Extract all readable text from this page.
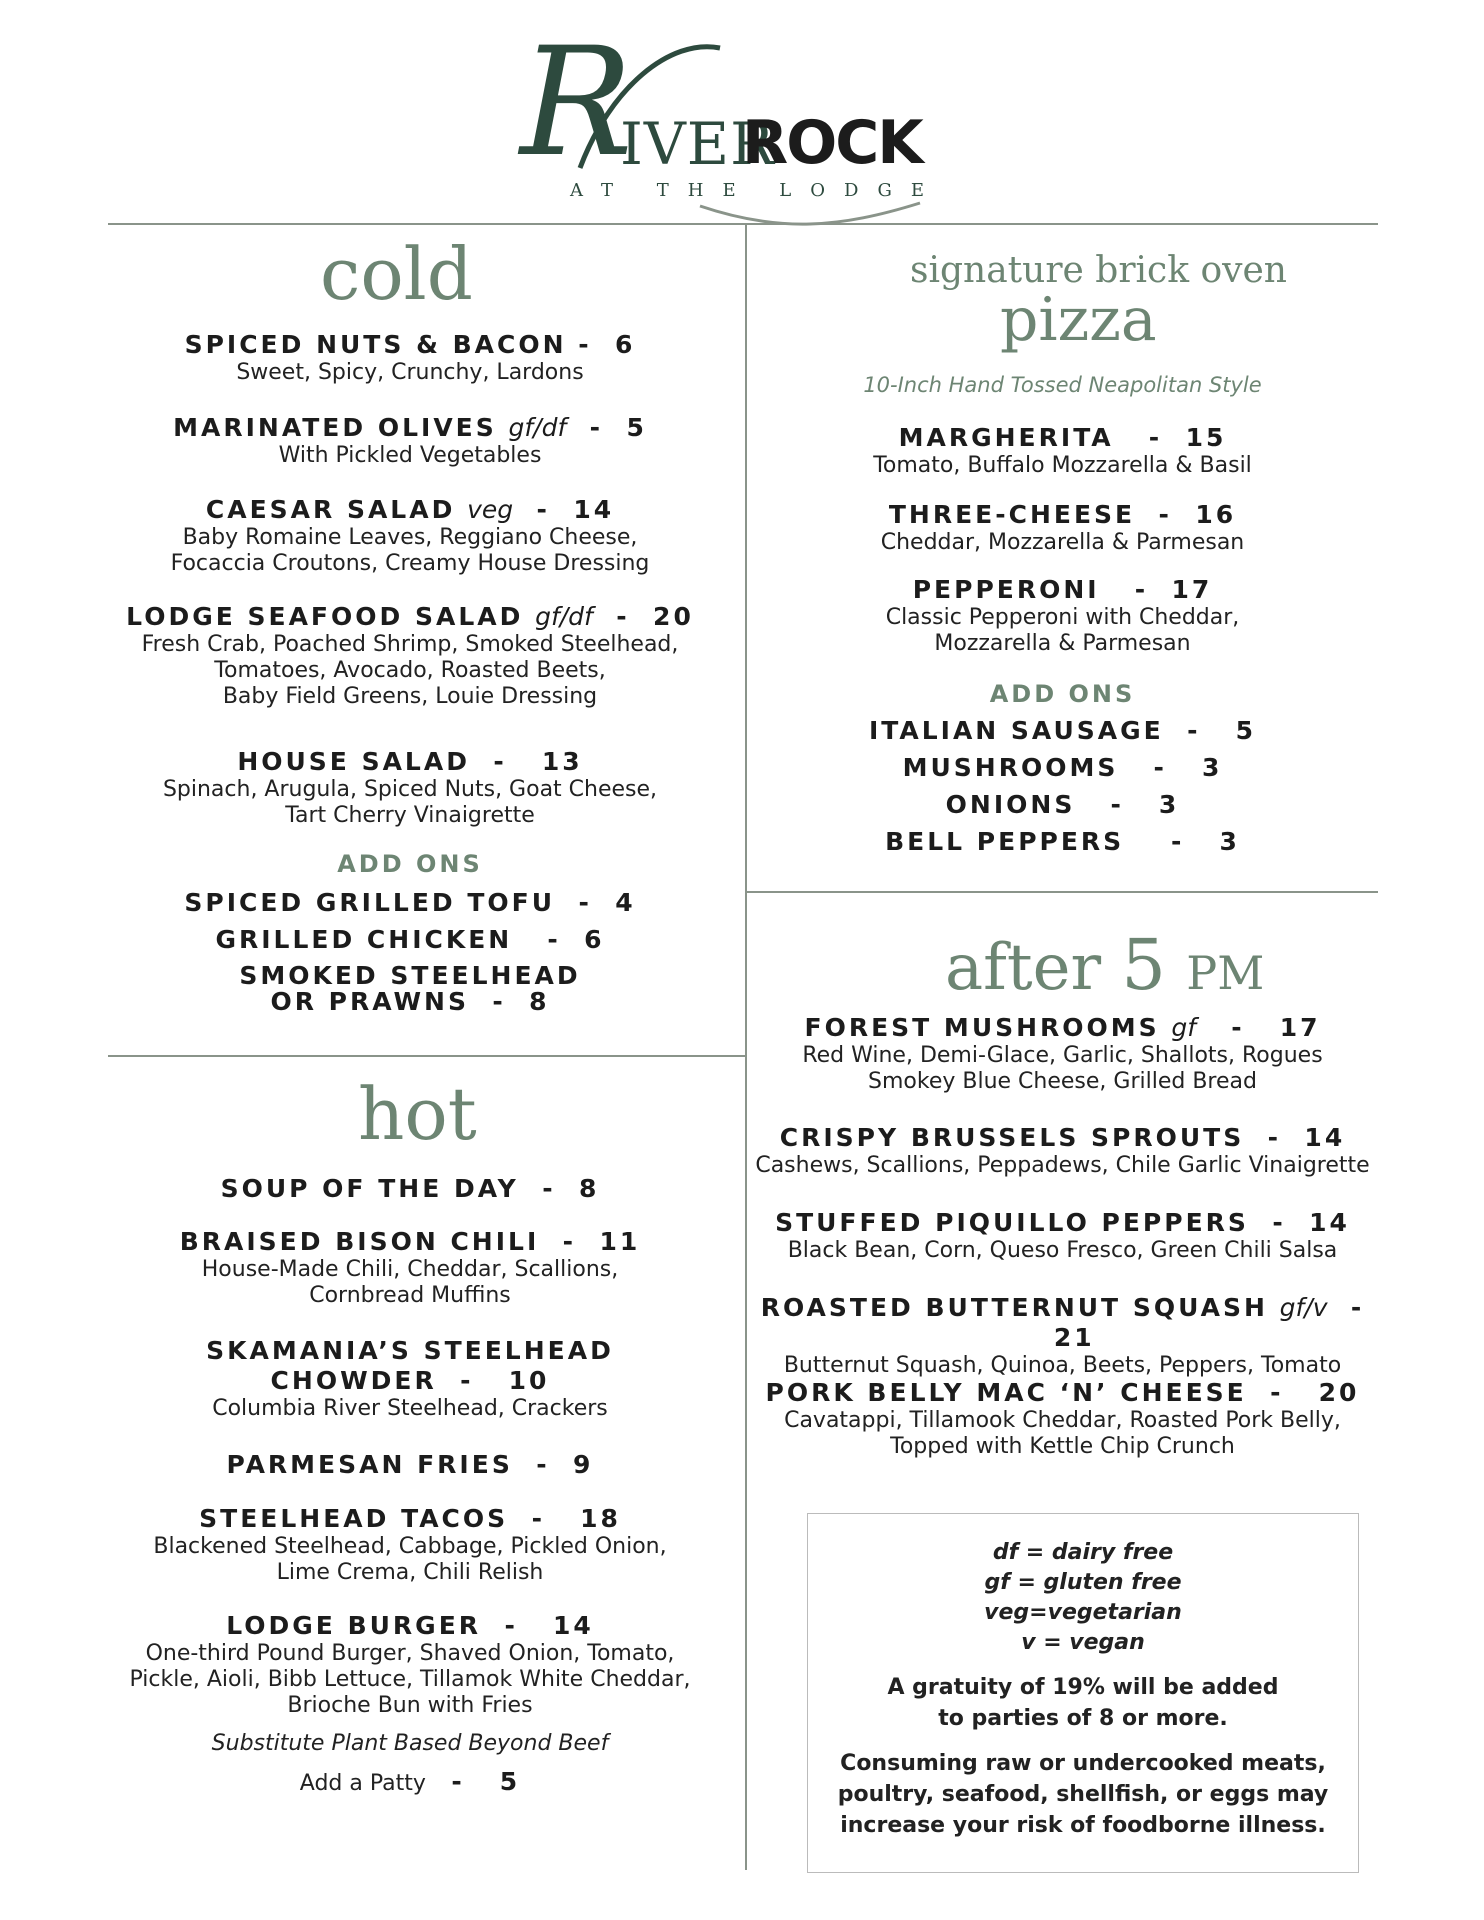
R
IVER
ROCK
AT THE LODGE
cold
SPICED NUTS & BACON -  6
Sweet, Spicy, Crunchy, Lardons
MARINATED OLIVES gf/df  -  5
With Pickled Vegetables
CAESAR SALAD veg  -  14
Baby Romaine Leaves, Reggiano Cheese,
Focaccia Croutons, Creamy House Dressing
LODGE SEAFOOD SALAD gf/df  -  20
Fresh Crab, Poached Shrimp, Smoked Steelhead,
Tomatoes, Avocado, Roasted Beets,
Baby Field Greens, Louie Dressing
HOUSE SALAD  -   13
Spinach, Arugula, Spiced Nuts, Goat Cheese,
Tart Cherry Vinaigrette
ADD ONS
SPICED GRILLED TOFU  -  4
GRILLED CHICKEN   -  6
SMOKED STEELHEAD
OR PRAWNS  -  8
hot
SOUP OF THE DAY  -  8
BRAISED BISON CHILI  -  11
House-Made Chili, Cheddar, Scallions,
Cornbread Muffins
SKAMANIA’S STEELHEAD
CHOWDER  -   10
Columbia River Steelhead, Crackers
PARMESAN FRIES  -  9
STEELHEAD TACOS  -   18
Blackened Steelhead, Cabbage, Pickled Onion,
Lime Crema, Chili Relish
LODGE BURGER  -   14
One-third Pound Burger, Shaved Onion, Tomato,
Pickle, Aioli, Bibb Lettuce, Tillamok White Cheddar,
Brioche Bun with Fries
Substitute Plant Based Beyond Beef
Add a Patty -   5
signature brick oven
pizza
10-Inch Hand Tossed Neapolitan Style
MARGHERITA   -  15
Tomato, Buffalo Mozzarella & Basil
THREE-CHEESE  -  16
Cheddar, Mozzarella & Parmesan
PEPPERONI   -  17
Classic Pepperoni with Cheddar,
Mozzarella & Parmesan
ADD ONS
ITALIAN SAUSAGE  -   5
MUSHROOMS   -   3
ONIONS   -   3
BELL PEPPERS    -   3
after 5 PM
FOREST MUSHROOMS gf   -   17
Red Wine, Demi-Glace, Garlic, Shallots, Rogues
Smokey Blue Cheese, Grilled Bread
CRISPY BRUSSELS SPROUTS  -  14
Cashews, Scallions, Peppadews, Chile Garlic Vinaigrette
STUFFED PIQUILLO PEPPERS  -  14
Black Bean, Corn, Queso Fresco, Green Chili Salsa
ROASTED BUTTERNUT SQUASH gf/v  -  21
Butternut Squash, Quinoa, Beets, Peppers, Tomato
PORK BELLY MAC ‘N’ CHEESE  -   20
Cavatappi, Tillamook Cheddar, Roasted Pork Belly,
Topped with Kettle Chip Crunch
df = dairy free
gf = gluten free
veg=vegetarian
v = vegan
A gratuity of 19% will be added
to parties of 8 or more.
Consuming raw or undercooked meats,
poultry, seafood, shellfish, or eggs may
increase your risk of foodborne illness.
